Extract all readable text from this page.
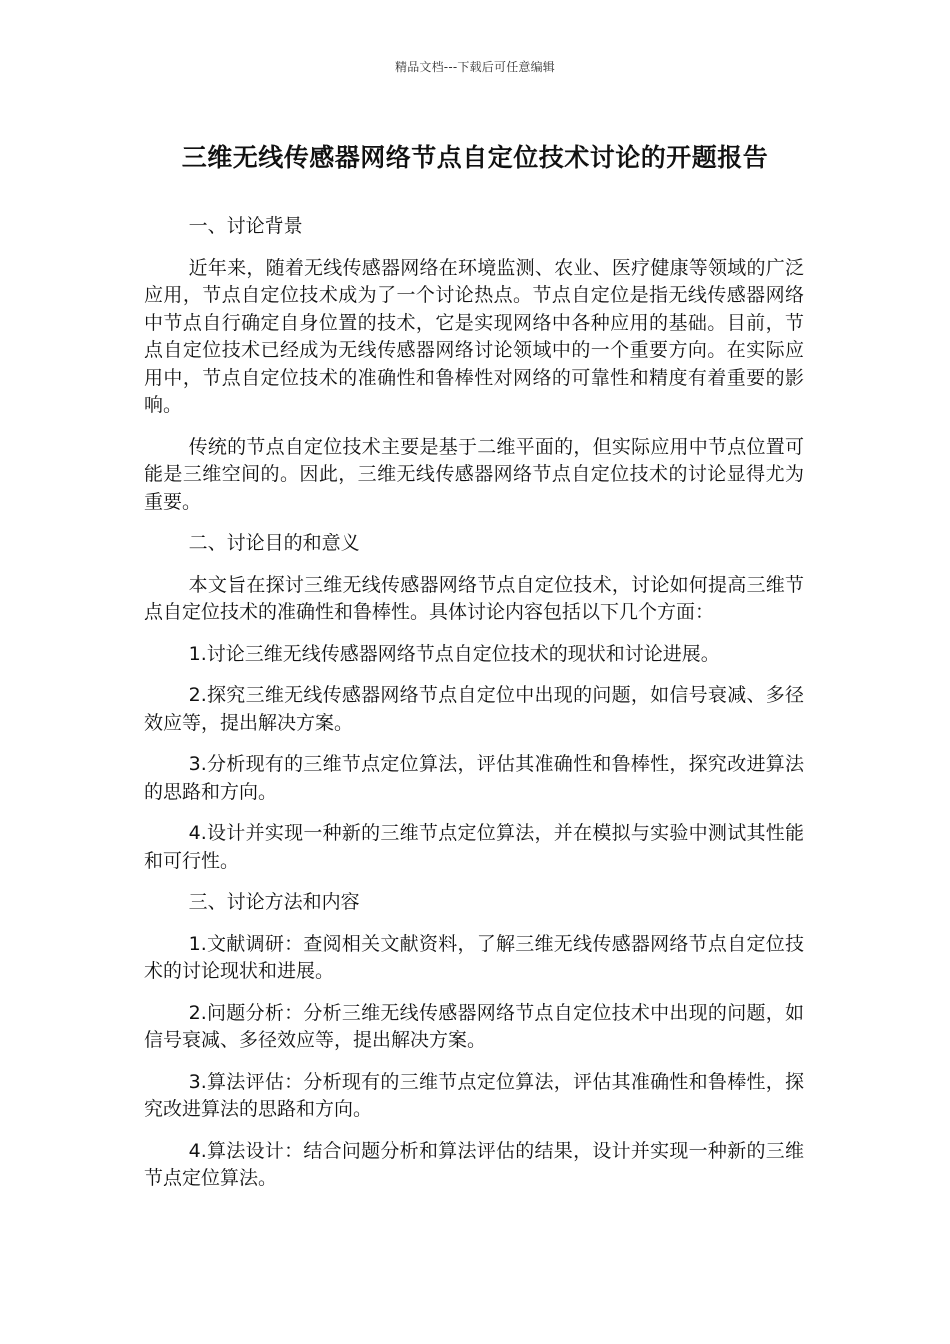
精品文档---下载后可任意编辑
三维无线传感器网络节点自定位技术讨论的开题报告

一、讨论背景

近年来，随着无线传感器网络在环境监测、农业、医疗健康等领域的广泛应用，节点自定位技术成为了一个讨论热点。节点自定位是指无线传感器网络中节点自行确定自身位置的技术，它是实现网络中各种应用的基础。目前，节点自定位技术已经成为无线传感器网络讨论领域中的一个重要方向。在实际应用中，节点自定位技术的准确性和鲁棒性对网络的可靠性和精度有着重要的影响。

传统的节点自定位技术主要是基于二维平面的，但实际应用中节点位置可能是三维空间的。因此，三维无线传感器网络节点自定位技术的讨论显得尤为重要。

二、讨论目的和意义

本文旨在探讨三维无线传感器网络节点自定位技术，讨论如何提高三维节点自定位技术的准确性和鲁棒性。具体讨论内容包括以下几个方面：

1.讨论三维无线传感器网络节点自定位技术的现状和讨论进展。

2.探究三维无线传感器网络节点自定位中出现的问题，如信号衰减、多径效应等，提出解决方案。

3.分析现有的三维节点定位算法，评估其准确性和鲁棒性，探究改进算法的思路和方向。

4.设计并实现一种新的三维节点定位算法，并在模拟与实验中测试其性能和可行性。

三、讨论方法和内容

1.文献调研：查阅相关文献资料，了解三维无线传感器网络节点自定位技术的讨论现状和进展。

2.问题分析：分析三维无线传感器网络节点自定位技术中出现的问题，如信号衰减、多径效应等，提出解决方案。

3.算法评估：分析现有的三维节点定位算法，评估其准确性和鲁棒性，探究改进算法的思路和方向。

4.算法设计：结合问题分析和算法评估的结果，设计并实现一种新的三维节点定位算法。
